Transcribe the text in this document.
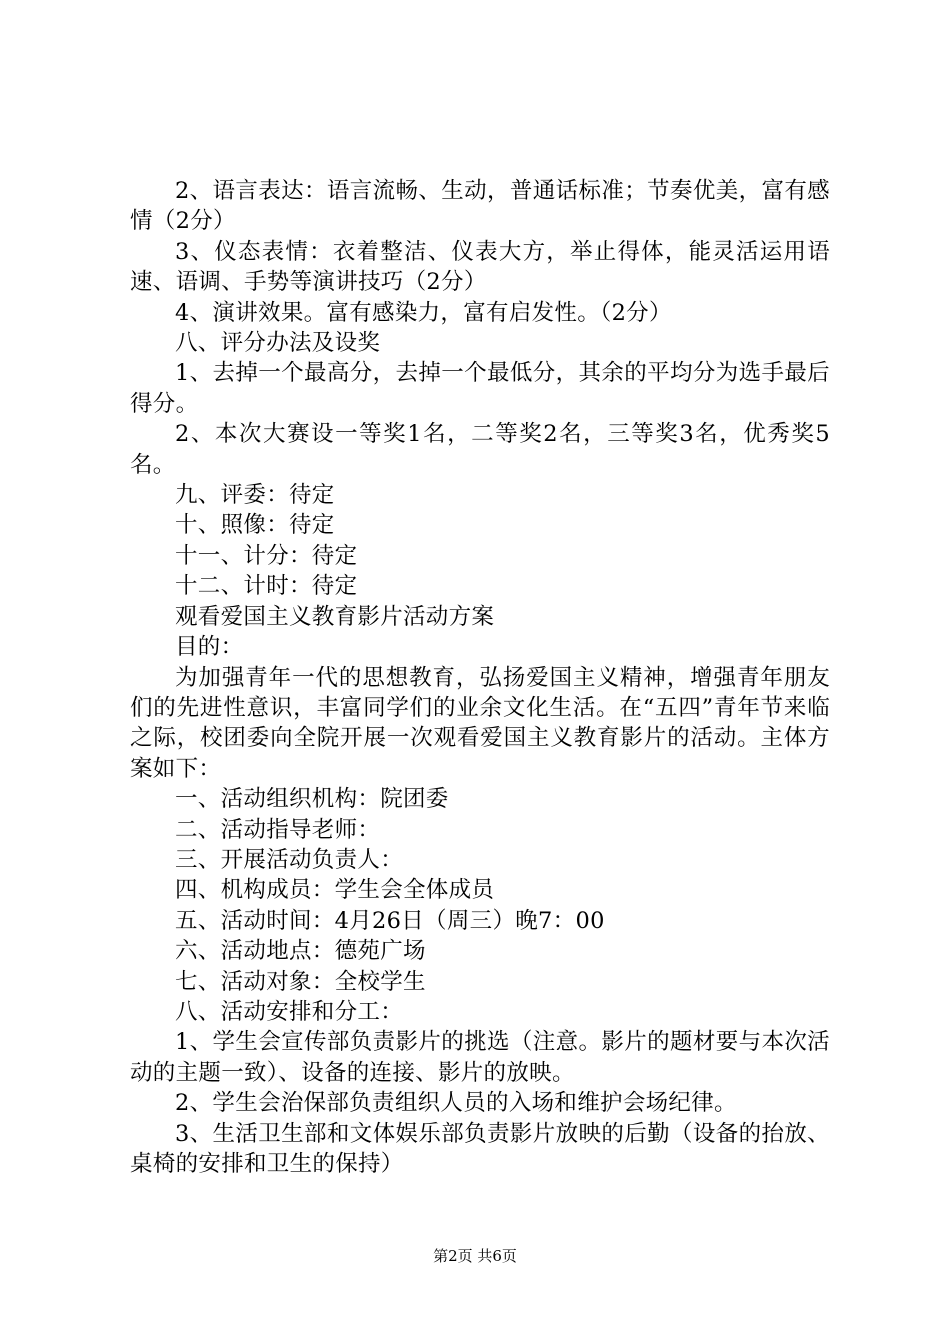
2、语言表达：语言流畅、生动，普通话标准；节奏优美，富有感情（2分）

3、仪态表情：衣着整洁、仪表大方，举止得体，能灵活运用语速、语调、手势等演讲技巧（2分）

4、演讲效果。富有感染力，富有启发性。（2分）

八、评分办法及设奖

1、去掉一个最高分，去掉一个最低分，其余的平均分为选手最后得分。

2、本次大赛设一等奖1名，二等奖2名，三等奖3名，优秀奖5名。

九、评委：待定

十、照像：待定

十一、计分：待定

十二、计时：待定

观看爱国主义教育影片活动方案

目的：

为加强青年一代的思想教育，弘扬爱国主义精神，增强青年朋友们的先进性意识，丰富同学们的业余文化生活。在“五四”青年节来临之际，校团委向全院开展一次观看爱国主义教育影片的活动。主体方案如下：

一、活动组织机构：院团委

二、活动指导老师：

三、开展活动负责人：

四、机构成员：学生会全体成员

五、活动时间：4月26日（周三）晚7：00

六、活动地点：德苑广场

七、活动对象：全校学生

八、活动安排和分工：

1、学生会宣传部负责影片的挑选（注意。影片的题材要与本次活动的主题一致）、设备的连接、影片的放映。

2、学生会治保部负责组织人员的入场和维护会场纪律。

3、生活卫生部和文体娱乐部负责影片放映的后勤（设备的抬放、桌椅的安排和卫生的保持）

第2页 共6页
